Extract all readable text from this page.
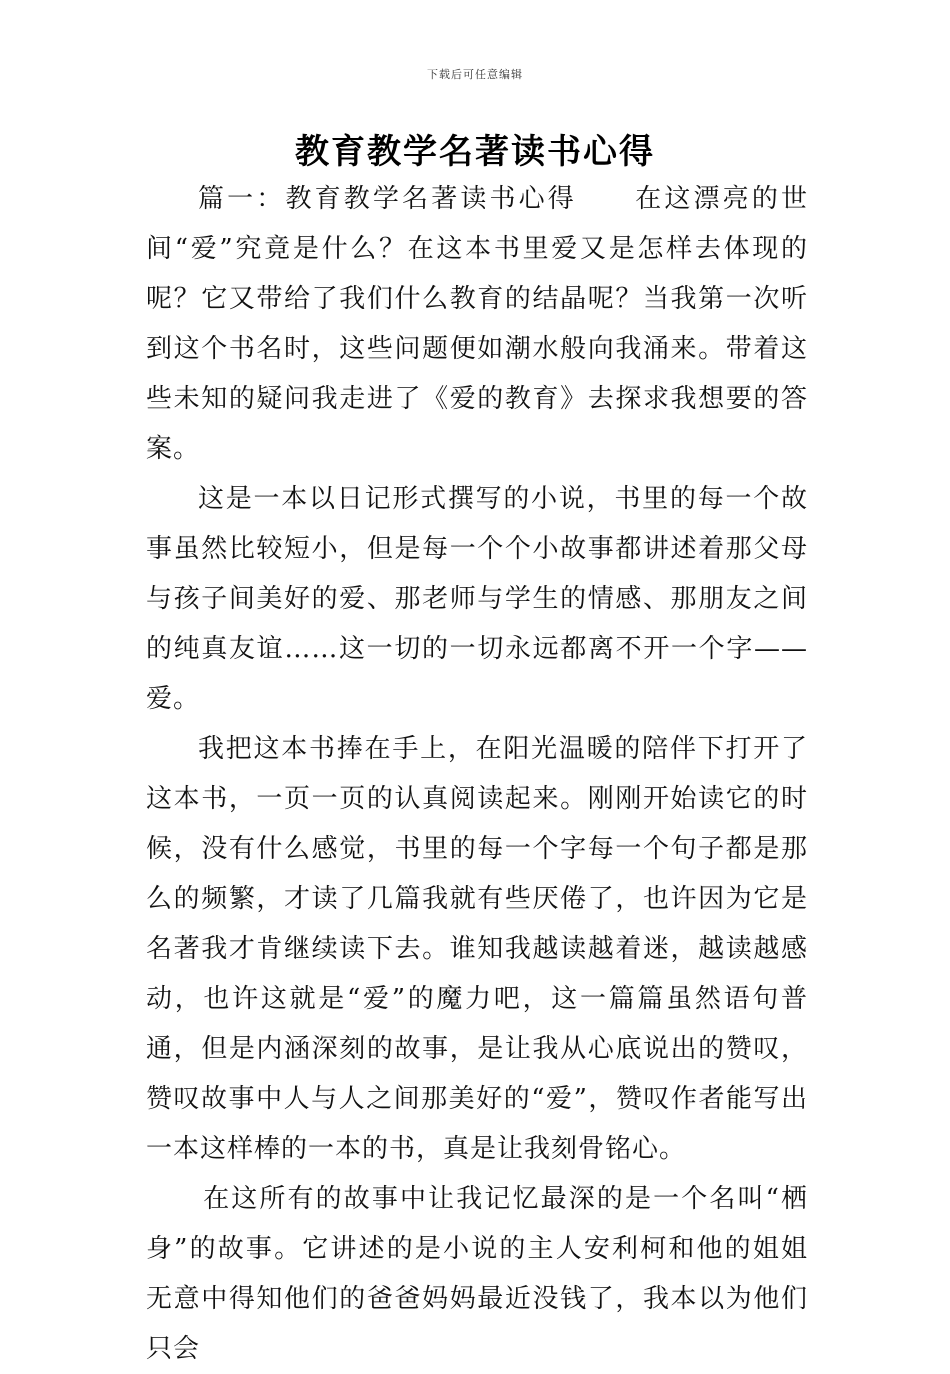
下载后可任意编辑
教育教学名著读书心得

篇一：教育教学名著读书心得　　在这漂亮的世间“爱”究竟是什么？在这本书里爱又是怎样去体现的呢？它又带给了我们什么教育的结晶呢？当我第一次听到这个书名时，这些问题便如潮水般向我涌来。带着这些未知的疑问我走进了《爱的教育》去探求我想要的答案。

这是一本以日记形式撰写的小说，书里的每一个故事虽然比较短小，但是每一个个小故事都讲述着那父母与孩子间美好的爱、那老师与学生的情感、那朋友之间的纯真友谊……这一切的一切永远都离不开一个字——爱。

我把这本书捧在手上，在阳光温暖的陪伴下打开了这本书，一页一页的认真阅读起来。刚刚开始读它的时候，没有什么感觉，书里的每一个字每一个句子都是那么的频繁，才读了几篇我就有些厌倦了，也许因为它是名著我才肯继续读下去。谁知我越读越着迷，越读越感动，也许这就是“爱”的魔力吧，这一篇篇虽然语句普通，但是内涵深刻的故事，是让我从心底说出的赞叹，赞叹故事中人与人之间那美好的“爱”，赞叹作者能写出一本这样棒的一本的书，真是让我刻骨铭心。

在这所有的故事中让我记忆最深的是一个名叫“栖身”的故事。它讲述的是小说的主人安利柯和他的姐姐无意中得知他们的爸爸妈妈最近没钱了，我本以为他们只会
